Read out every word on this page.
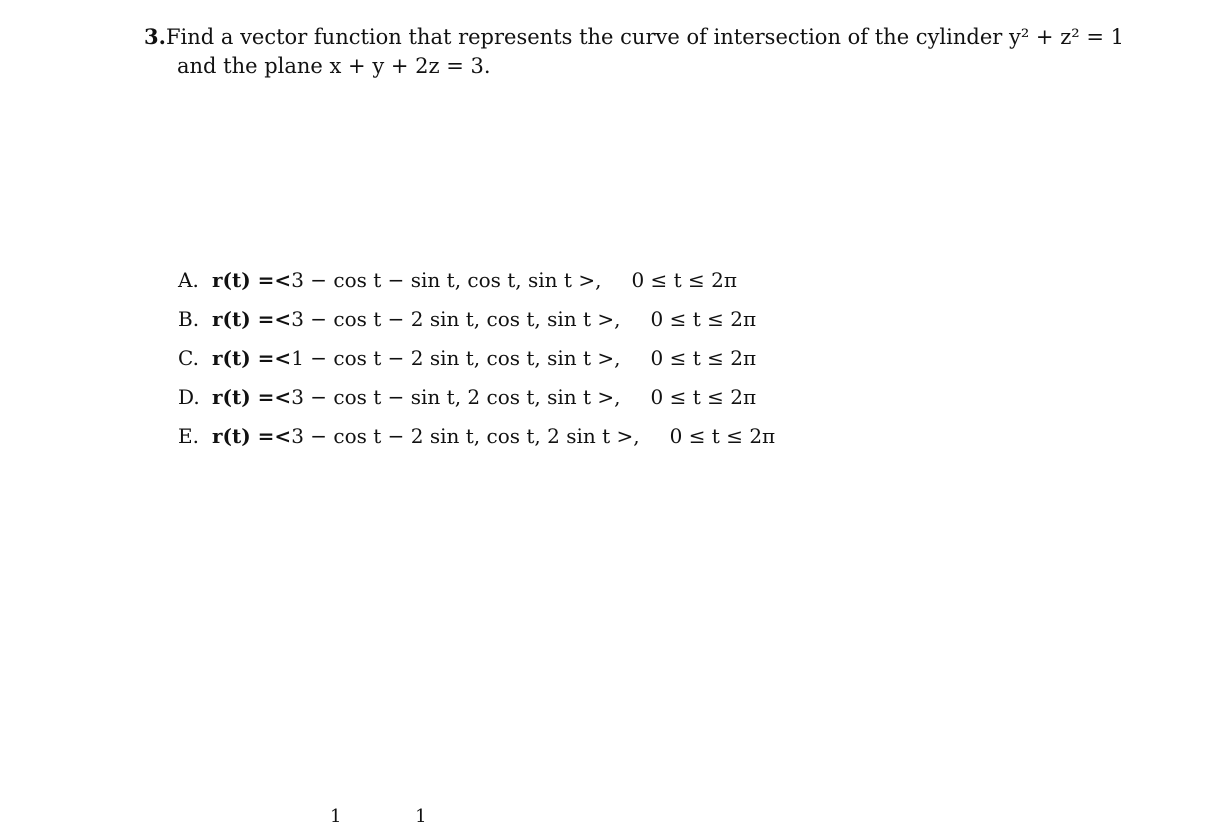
3. Find a vector function that represents the curve of intersection of the cylinder y² + z² = 1
and the plane x + y + 2z = 3.
A. r(t) =< 3 − cos t − sin t, cos t, sin t >, 0 ≤ t ≤ 2π
B. r(t) =< 3 − cos t − 2 sin t, cos t, sin t >, 0 ≤ t ≤ 2π
C. r(t) =< 1 − cos t − 2 sin t, cos t, sin t >, 0 ≤ t ≤ 2π
D. r(t) =< 3 − cos t − sin t, 2 cos t, sin t >, 0 ≤ t ≤ 2π
E. r(t) =< 3 − cos t − 2 sin t, cos t, 2 sin t >, 0 ≤ t ≤ 2π
1 1
